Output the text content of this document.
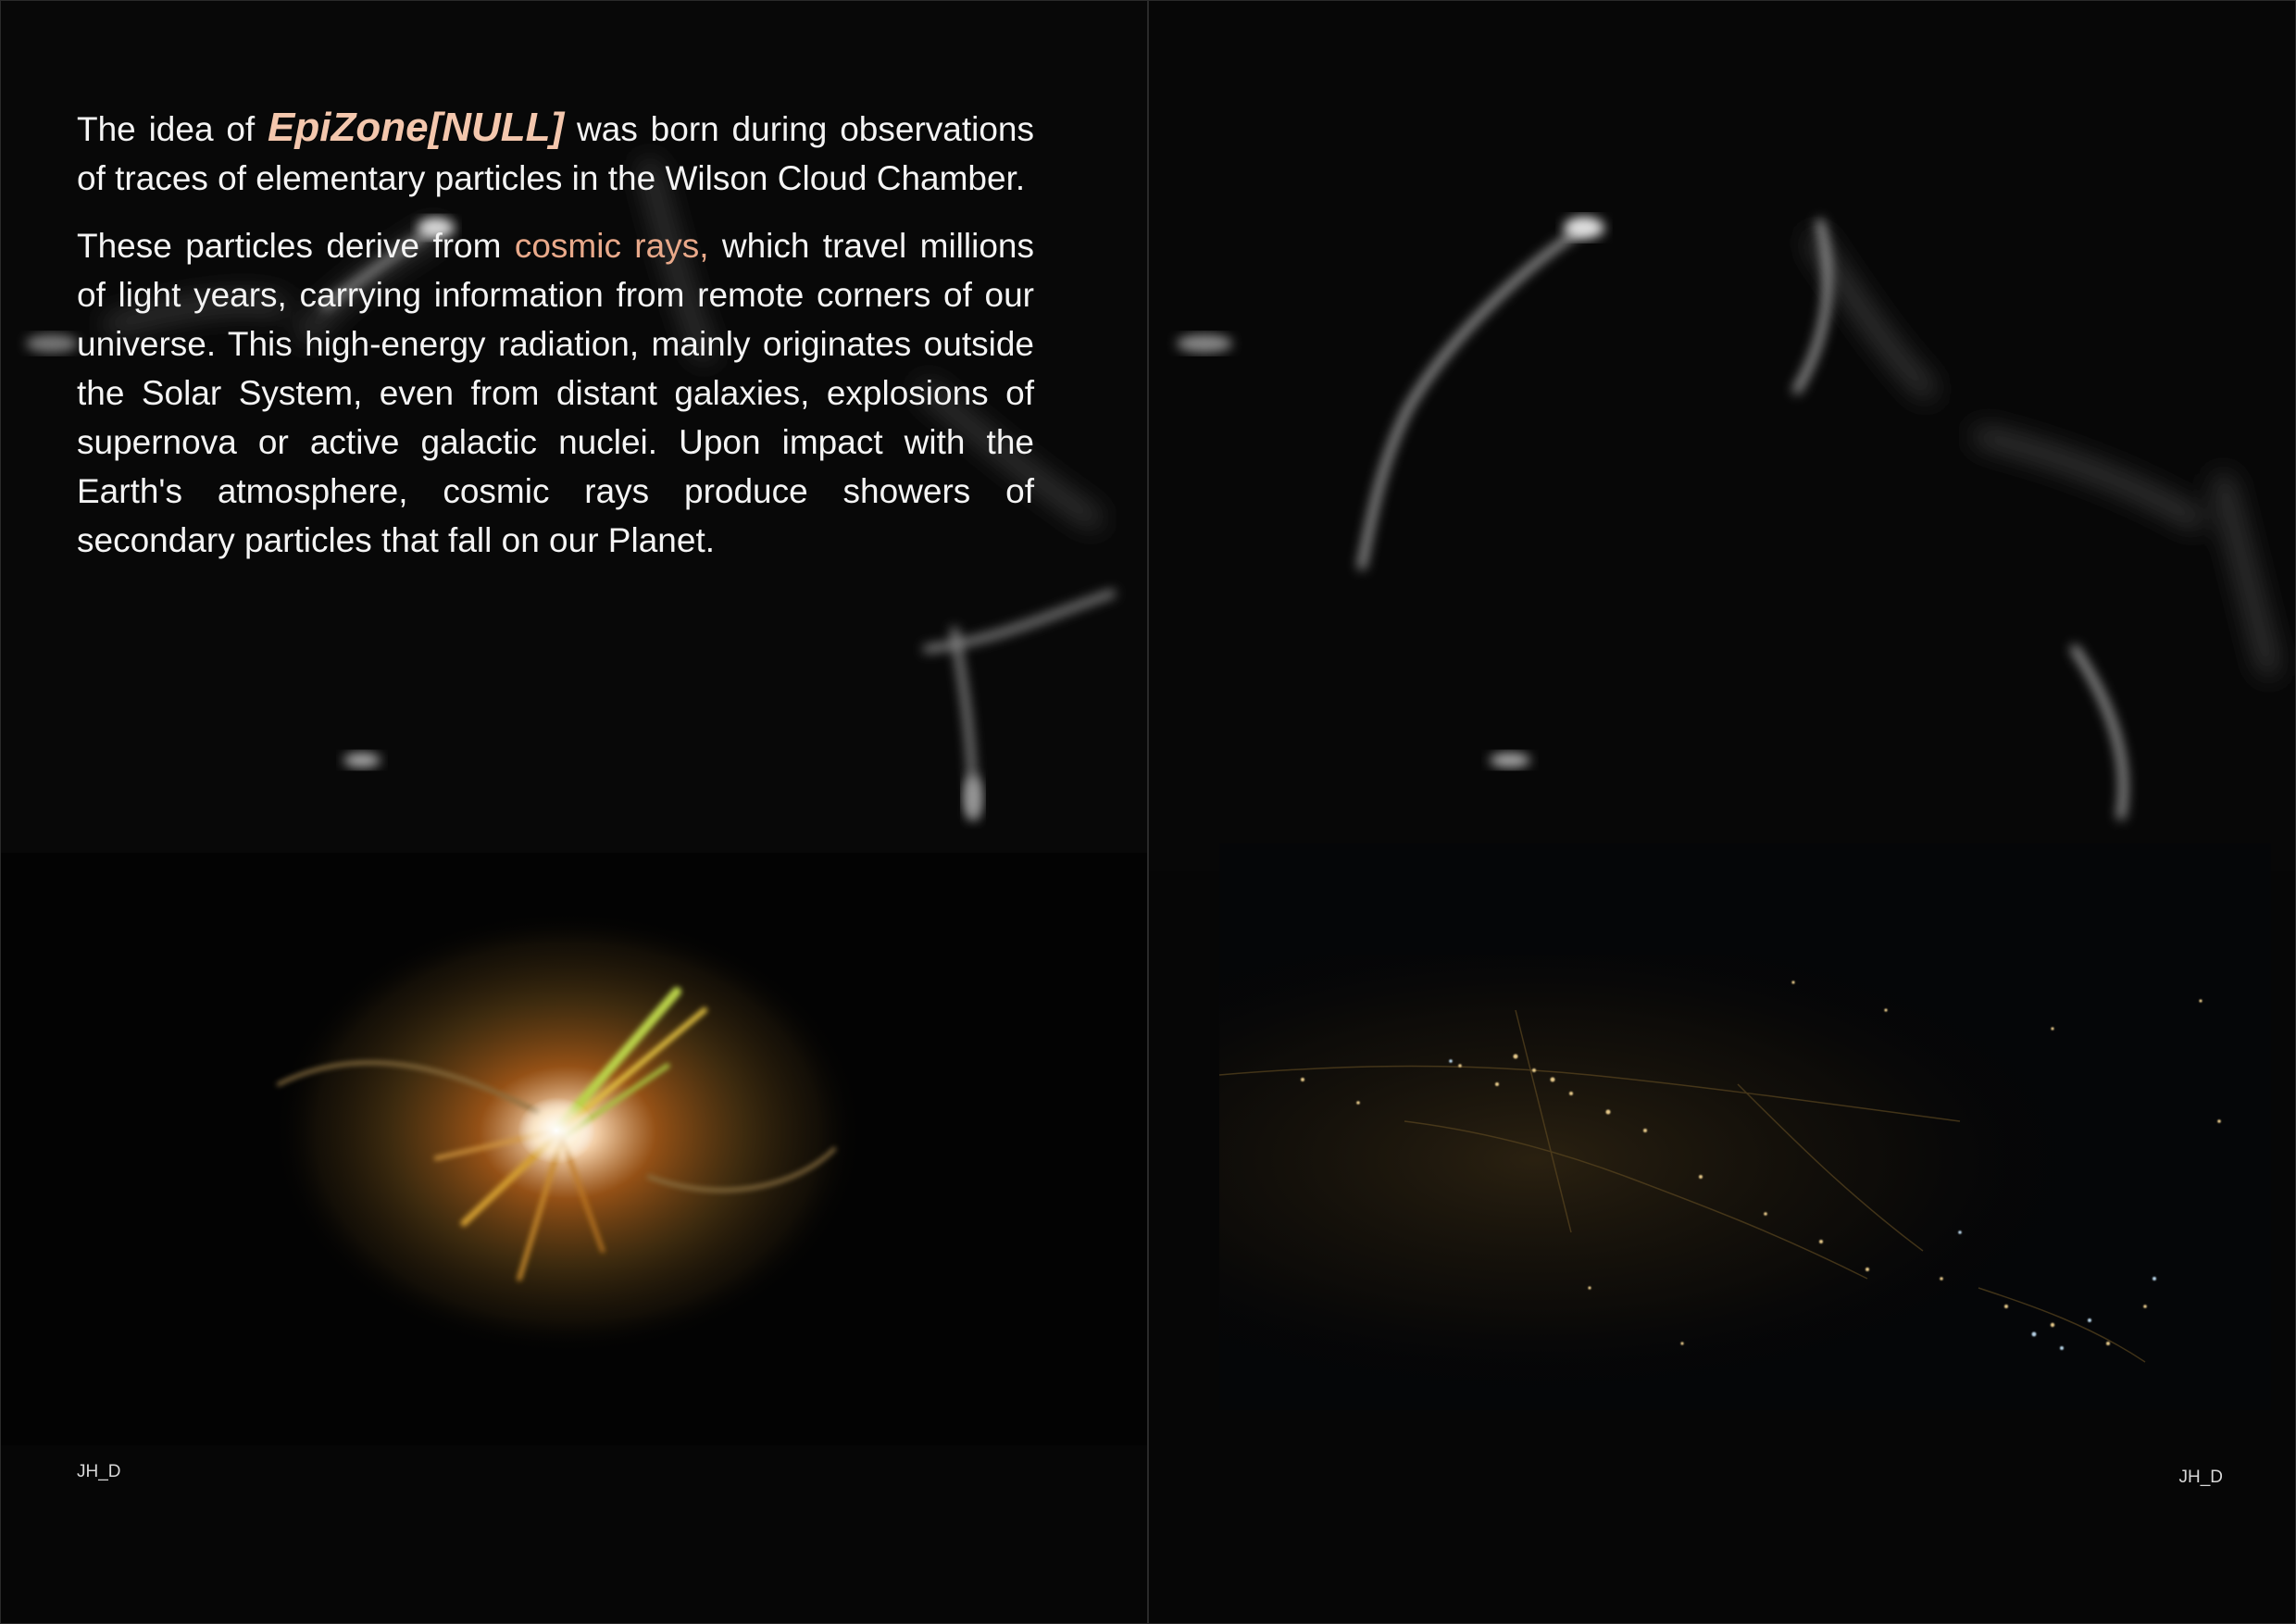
The idea of EpiZone[NULL] was born during observations of traces of elementary particles in the Wilson Cloud Chamber.

These particles derive from cosmic rays, which travel millions of light years, carrying information from remote corners of our universe. This high-energy radiation, mainly originates outside the Solar System, even from distant galaxies, explosions of supernova or active galactic nuclei. Upon impact with the Earth's atmosphere, cosmic rays produce showers of secondary particles that fall on our Planet.

JH_D	JH_D
